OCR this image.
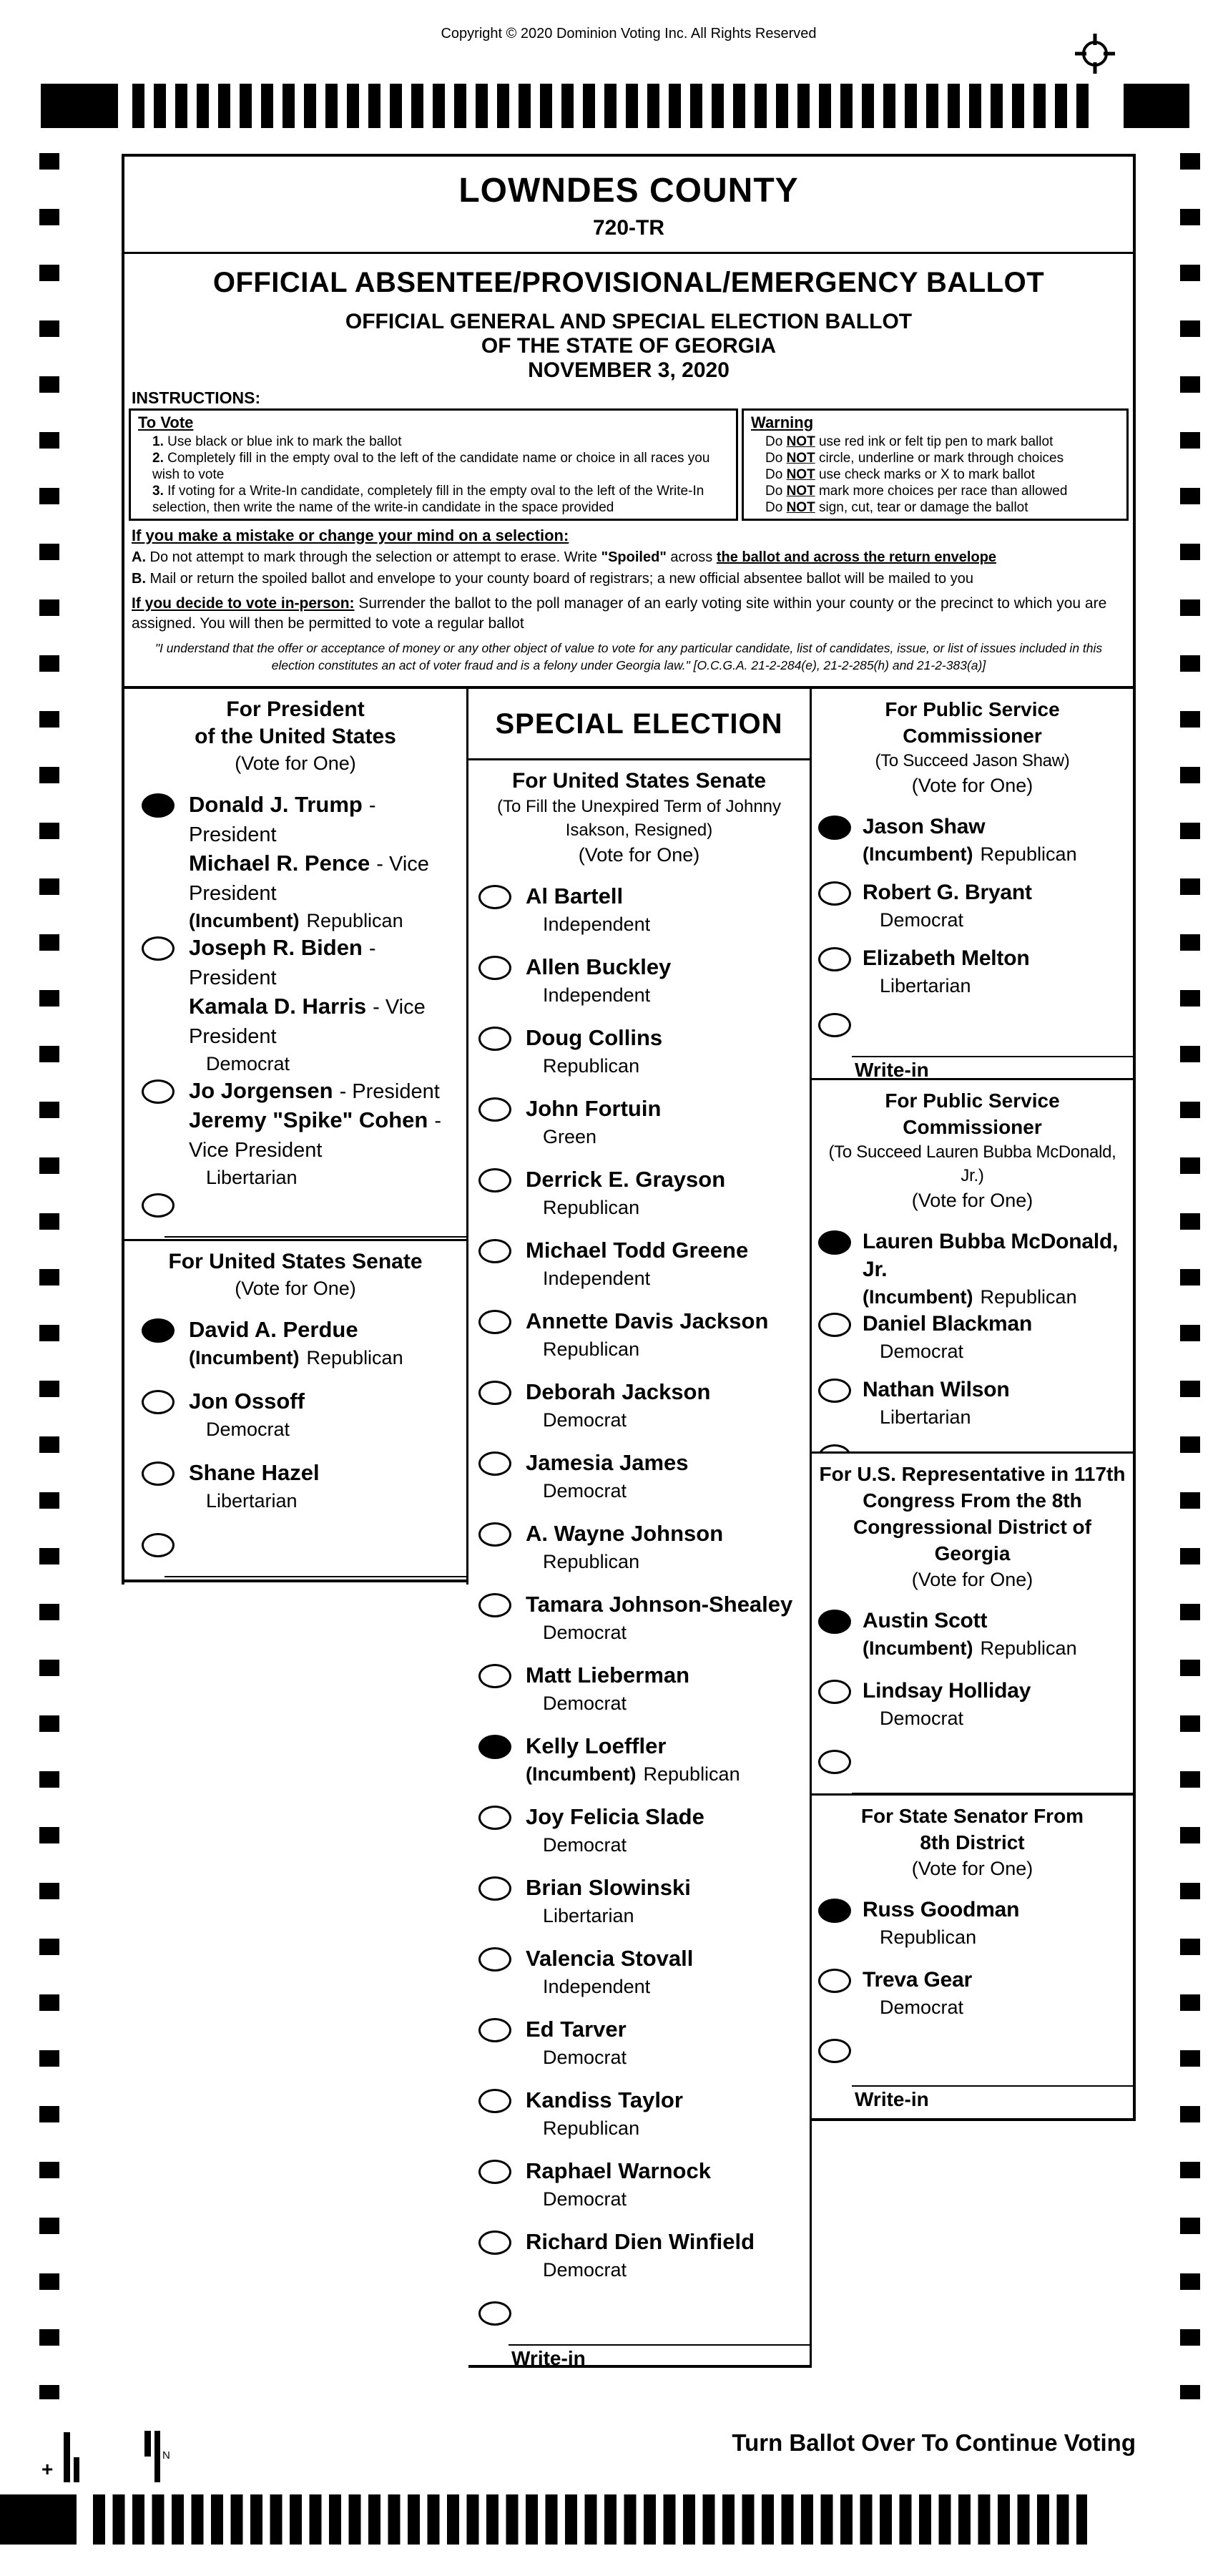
Copyright © 2020 Dominion Voting Inc. All Rights Reserved
LOWNDES COUNTY
720-TR
OFFICIAL ABSENTEE/PROVISIONAL/EMERGENCY BALLOT
OFFICIAL GENERAL AND SPECIAL ELECTION BALLOT
OF THE STATE OF GEORGIA
NOVEMBER 3, 2020
INSTRUCTIONS:
To Vote
1. Use black or blue ink to mark the ballot
2. Completely fill in the empty oval to the left of the candidate name or choice in all races you wish to vote
3. If voting for a Write-In candidate, completely fill in the empty oval to the left of the Write-In selection, then write the name of the write-in candidate in the space provided
Warning
Do NOT use red ink or felt tip pen to mark ballot
Do NOT circle, underline or mark through choices
Do NOT use check marks or X to mark ballot
Do NOT mark more choices per race than allowed
Do NOT sign, cut, tear or damage the ballot
If you make a mistake or change your mind on a selection:
A. Do not attempt to mark through the selection or attempt to erase. Write "Spoiled" across the ballot and across the return envelope
B. Mail or return the spoiled ballot and envelope to your county board of registrars; a new official absentee ballot will be mailed to you
If you decide to vote in-person: Surrender the ballot to the poll manager of an early voting site within your county or the precinct to which you are assigned. You will then be permitted to vote a regular ballot
"I understand that the offer or acceptance of money or any other object of value to vote for any particular candidate, list of candidates, issue, or list of issues included in this election constitutes an act of voter fraud and is a felony under Georgia law." [O.C.G.A. 21-2-284(e), 21-2-285(h) and 21-2-383(a)]
For President
of the United States
(Vote for One)
Donald J. Trump - President
Michael R. Pence - Vice President
(Incumbent) Republican
Joseph R. Biden - President
Kamala D. Harris - Vice President
Democrat
Jo Jorgensen - President
Jeremy "Spike" Cohen - Vice President
Libertarian
For United States Senate
(Vote for One)
David A. Perdue
(Incumbent) Republican
Jon Ossoff
Democrat
Shane Hazel
Libertarian
SPECIAL ELECTION
For United States Senate
(To Fill the Unexpired Term of Johnny
Isakson, Resigned)
(Vote for One)
Al Bartell
Independent
Allen Buckley
Independent
Doug Collins
Republican
John Fortuin
Green
Derrick E. Grayson
Republican
Michael Todd Greene
Independent
Annette Davis Jackson
Republican
Deborah Jackson
Democrat
Jamesia James
Democrat
A. Wayne Johnson
Republican
Tamara Johnson-Shealey
Democrat
Matt Lieberman
Democrat
Kelly Loeffler
(Incumbent) Republican
Joy Felicia Slade
Democrat
Brian Slowinski
Libertarian
Valencia Stovall
Independent
Ed Tarver
Democrat
Kandiss Taylor
Republican
Raphael Warnock
Democrat
Richard Dien Winfield
Democrat
Write-in
For Public Service
Commissioner
(To Succeed Jason Shaw)
(Vote for One)
Jason Shaw
(Incumbent) Republican
Robert G. Bryant
Democrat
Elizabeth Melton
Libertarian
Write-in
For Public Service
Commissioner
(To Succeed Lauren Bubba McDonald, Jr.)
(Vote for One)
Lauren Bubba McDonald, Jr.
(Incumbent) Republican
Daniel Blackman
Democrat
Nathan Wilson
Libertarian
For U.S. Representative in 117th
Congress From the 8th
Congressional District of Georgia
(Vote for One)
Austin Scott
(Incumbent) Republican
Lindsay Holliday
Democrat
For State Senator From
8th District
(Vote for One)
Russ Goodman
Republican
Treva Gear
Democrat
Write-in
+
N	Turn Ballot Over To Continue Voting
